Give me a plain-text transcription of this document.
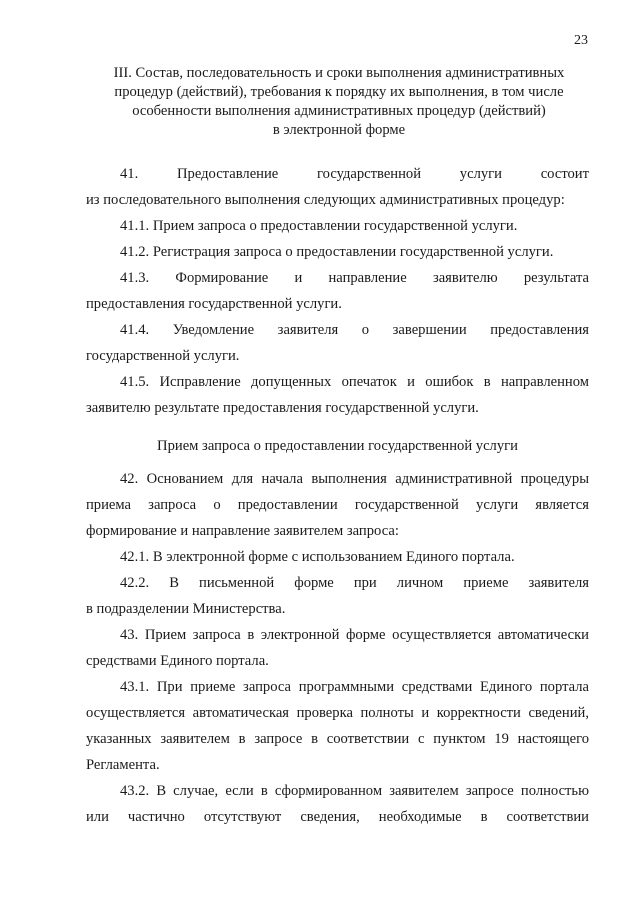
23
III. Состав, последовательность и сроки выполнения административных
процедур (действий), требования к порядку их выполнения, в том числе
особенности выполнения административных процедур (действий)
в электронной форме
41. Предоставление государственной услуги состоит
из последовательного выполнения следующих административных процедур:
41.1. Прием запроса о предоставлении государственной услуги.
41.2. Регистрация запроса о предоставлении государственной услуги.
41.3. Формирование и направление заявителю результата
предоставления государственной услуги.
41.4. Уведомление заявителя о завершении предоставления
государственной услуги.
41.5. Исправление допущенных опечаток и ошибок в направленном
заявителю результате предоставления государственной услуги.
Прием запроса о предоставлении государственной услуги
42. Основанием для начала выполнения административной процедуры
приема запроса о предоставлении государственной услуги является
формирование и направление заявителем запроса:
42.1. В электронной форме с использованием Единого портала.
42.2. В письменной форме при личном приеме заявителя
в подразделении Министерства.
43. Прием запроса в электронной форме осуществляется автоматически
средствами Единого портала.
43.1. При приеме запроса программными средствами Единого портала
осуществляется автоматическая проверка полноты и корректности сведений,
указанных заявителем в запросе в соответствии с пунктом 19 настоящего
Регламента.
43.2. В случае, если в сформированном заявителем запросе полностью
или частично отсутствуют сведения, необходимые в соответствии
